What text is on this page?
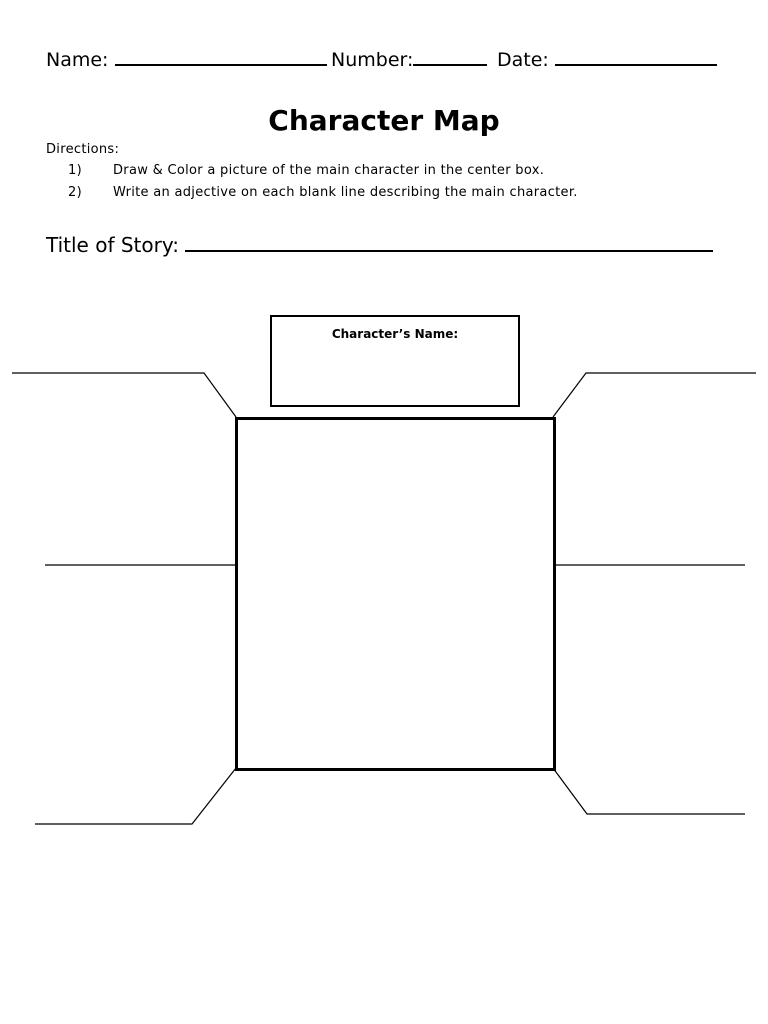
Name:	Number:	Date:
Character Map
Directions:
1) Draw & Color a picture of the main character in the center box.
2) Write an adjective on each blank line describing the main character.
Title of Story:
Character’s Name:
